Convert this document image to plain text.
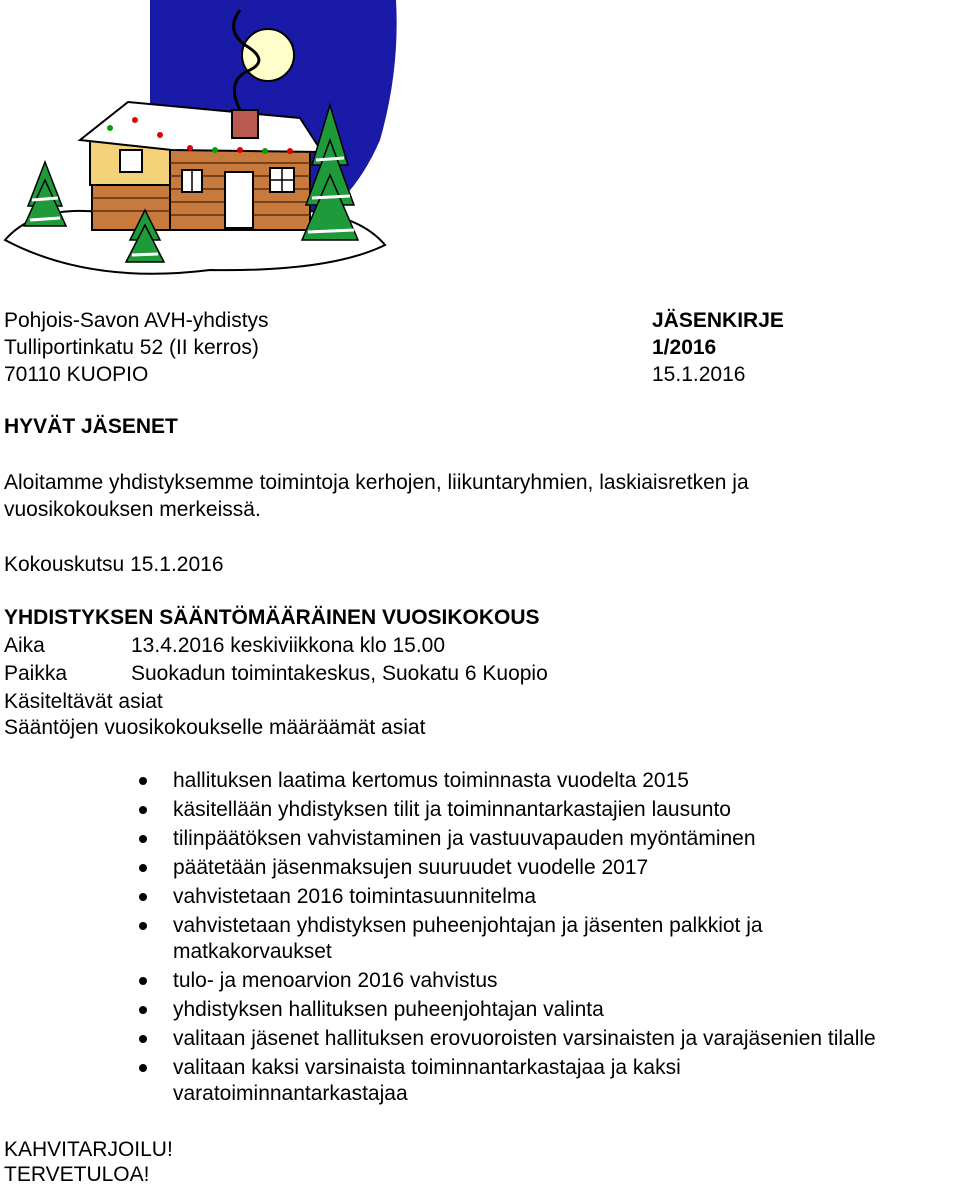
Pohjois-Savon AVH-yhdistys
Tulliportinkatu 52 (II kerros)
70110 KUOPIO
JÄSENKIRJE
1/2016
15.1.2016
HYVÄT JÄSENET
Aloitamme yhdistyksemme toimintoja kerhojen, liikuntaryhmien, laskiaisretken ja
vuosikokouksen merkeissä.
Kokouskutsu 15.1.2016
YHDISTYKSEN SÄÄNTÖMÄÄRÄINEN VUOSIKOKOUS
Aika	13.4.2016 keskiviikkona klo 15.00
Paikka	Suokadun toimintakeskus, Suokatu 6 Kuopio
Käsiteltävät asiat
Sääntöjen vuosikokoukselle määräämät asiat
hallituksen laatima kertomus toiminnasta vuodelta 2015
käsitellään yhdistyksen tilit ja toiminnantarkastajien lausunto
tilinpäätöksen vahvistaminen ja vastuuvapauden myöntäminen
päätetään jäsenmaksujen suuruudet vuodelle 2017
vahvistetaan 2016 toimintasuunnitelma
vahvistetaan yhdistyksen puheenjohtajan ja jäsenten palkkiot ja matkakorvaukset
tulo- ja menoarvion 2016 vahvistus
yhdistyksen hallituksen puheenjohtajan valinta
valitaan jäsenet hallituksen erovuoroisten varsinaisten ja varajäsenien tilalle
valitaan kaksi varsinaista toiminnantarkastajaa ja kaksi varatoiminnantarkastajaa
KAHVITARJOILU!
TERVETULOA!
